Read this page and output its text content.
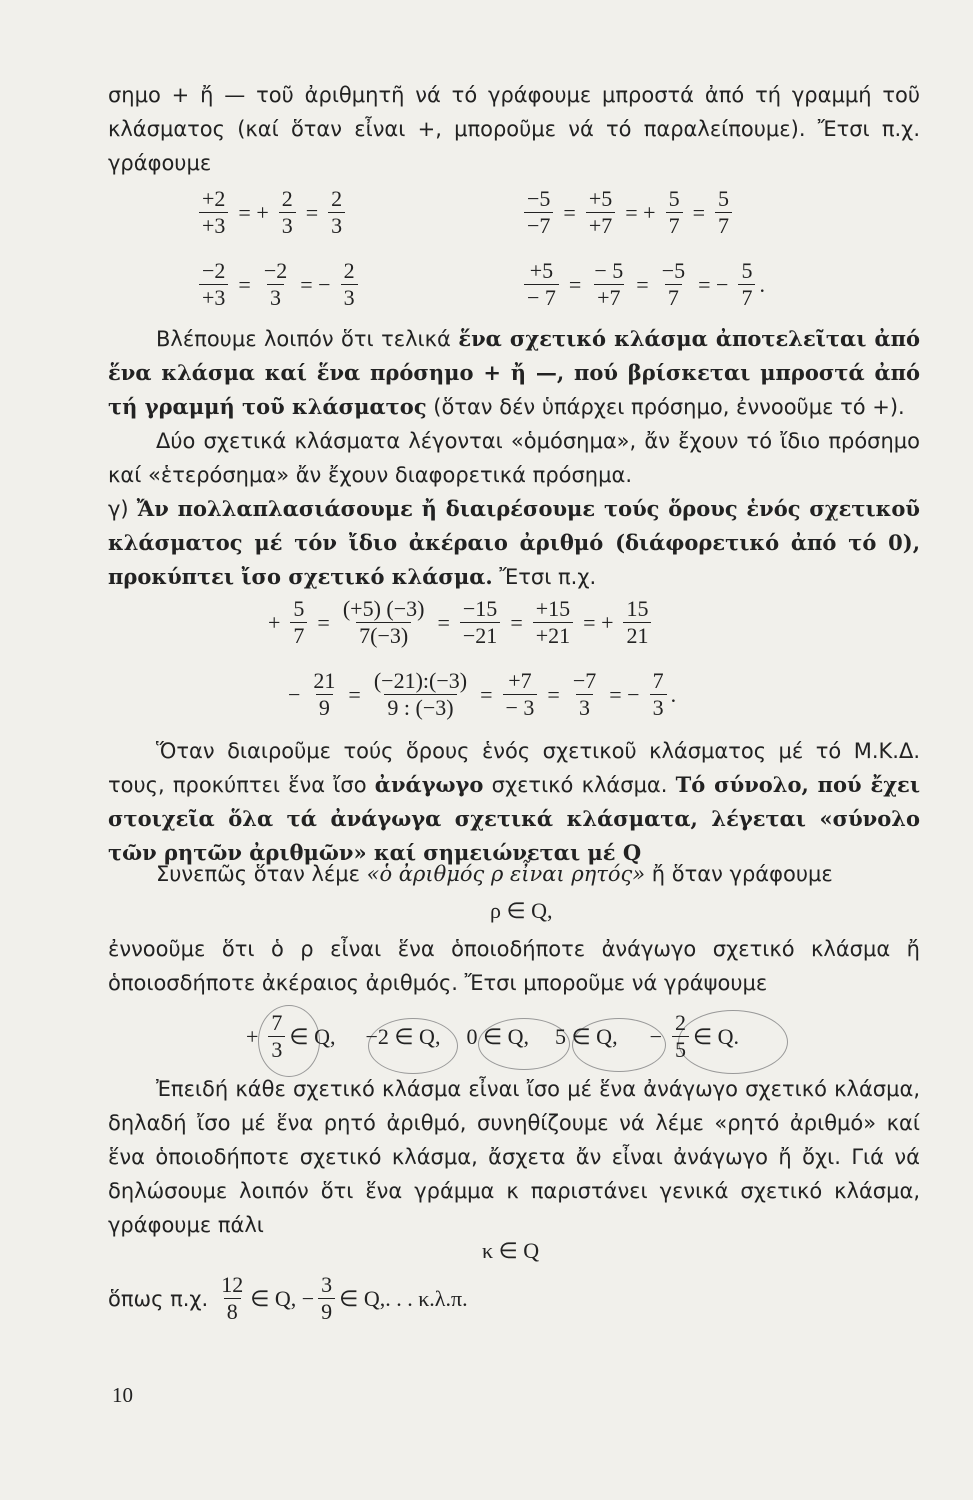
σημο + ἤ — τοῦ ἀριθμητῆ νά τό γράφουμε μπροστά ἀπό τή γραμμή τοῦ κλάσματος (καί ὅταν εἶναι +, μποροῦμε νά τό παραλείπουμε). Ἔτσι π.χ. γράφουμε

$\frac{+2}{+3}$ = + $\frac{2}{3} = \frac{2}{3}$	$\frac{-5}{-7} = \frac{+5}{+7}$ = + $\frac{5}{7} = \frac{5}{7}$
$\frac{-2}{+3} = \frac{-2}{3}$ = − $\frac{2}{3}$	$\frac{+5}{- 7} = \frac{- 5}{+7} = \frac{-5}{7}$ = − $\frac{5}{7}$ .

Βλέπουμε λοιπόν ὅτι τελικά ἕνα σχετικό κλάσμα ἀποτελεῖται ἀπό ἕνα κλάσμα καί ἕνα πρόσημο + ἤ —, πού βρίσκεται μπροστά ἀπό τή γραμμή τοῦ κλάσματος (ὅταν δέν ὑπάρχει πρόσημο, ἐννοοῦμε τό +).

Δύο σχετικά κλάσματα λέγονται «ὁμόσημα», ἄν ἔχουν τό ἴδιο πρόσημο καί «ἑτερόσημα» ἄν ἔχουν διαφορετικά πρόσημα.

γ) Ἄν πολλαπλασιάσουμε ἤ διαιρέσουμε τούς ὅρους ἑνός σχετικοῦ κλάσματος μέ τόν ἴδιο ἀκέραιο ἀριθμό (διάφορετικό ἀπό τό 0), προκύπτει ἴσο σχετικό κλάσμα. Ἔτσι π.χ.

+ $\frac{5}{7} = \frac{(+5) (-3)}{7(-3)} = \frac{-15}{-21} = \frac{+15}{+21}$ = + $\frac{15}{21}$
− $\frac{21}{9} = \frac{(-21):(-3)}{9 : (-3)} = \frac{+7}{- 3} = \frac{-7}{3}$ = − $\frac{7}{3}$ .

Ὅταν διαιροῦμε τούς ὅρους ἑνός σχετικοῦ κλάσματος μέ τό Μ.Κ.Δ. τους, προκύπτει ἕνα ἴσο ἀνάγωγο σχετικό κλάσμα. Τό σύνολο, πού ἔχει στοιχεῖα ὅλα τά ἀνάγωγα σχετικά κλάσματα, λέγεται «σύνολο τῶν ρητῶν ἀριθμῶν» καί σημειώνεται μέ Q

Συνεπῶς ὅταν λέμε «ὁ ἀριθμός ρ εἶναι ρητός» ἤ ὅταν γράφουμε

ρ ∈ Q,

ἐννοοῦμε ὅτι ὁ ρ εἶναι ἕνα ὁποιοδήποτε ἀνάγωγο σχετικό κλάσμα ἤ ὁποιοσδήποτε ἀκέραιος ἀριθμός. Ἔτσι μποροῦμε νά γράψουμε

+ $\frac{7}{3}$ ∈ Q, −2 ∈ Q, 0 ∈ Q, 5 ∈ Q, − $\frac{2}{5}$ ∈ Q.

Ἐπειδή κάθε σχετικό κλάσμα εἶναι ἴσο μέ ἕνα ἀνάγωγο σχετικό κλάσμα, δηλαδή ἴσο μέ ἕνα ρητό ἀριθμό, συνηθίζουμε νά λέμε «ρητό ἀριθμό» καί ἕνα ὁποιοδήποτε σχετικό κλάσμα, ἄσχετα ἄν εἶναι ἀνάγωγο ἤ ὄχι. Γιά νά δηλώσουμε λοιπόν ὅτι ἕνα γράμμα κ παριστάνει γενικά σχετικό κλάσμα, γράφουμε πάλι

κ ∈ Q
ὅπως π.χ. $\frac{12}{8}$ ∈ Q, − $\frac{3}{9}$ ∈ Q,. . . κ.λ.π.
10
